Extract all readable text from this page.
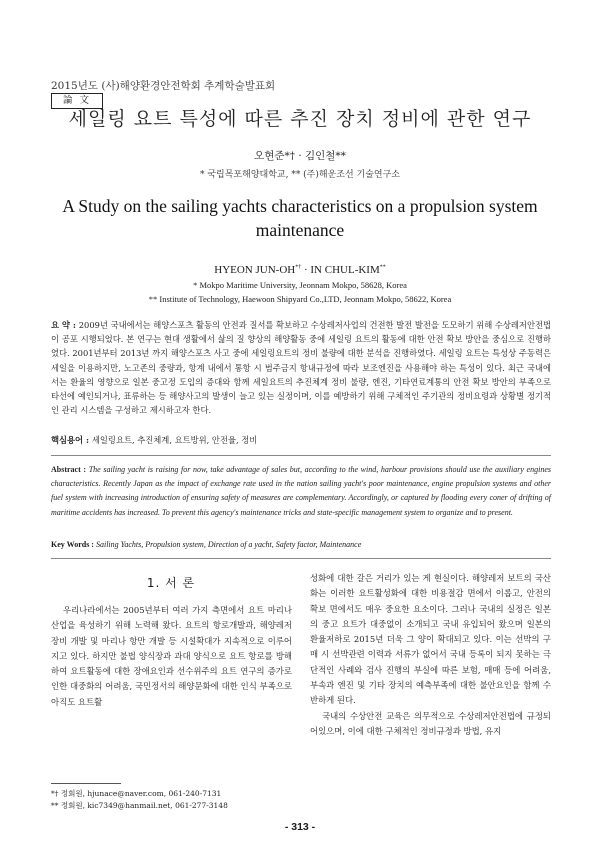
2015년도 (사)해양환경안전학회 추계학술발표회
論 文
세일링 요트 특성에 따른 추진 장치 정비에 관한 연구
오현준*† · 김인철**
* 국립목포해양대학교, ** (주)해운조선 기술연구소
A Study on the sailing yachts characteristics on a propulsion system maintenance
HYEON JUN-OH*† · IN CHUL-KIM**
* Mokpo Maritime University, Jeonnam Mokpo, 58628, Korea
** Institute of Technology, Haewoon Shipyard Co.,LTD, Jeonnam Mokpo, 58622, Korea
요 약 : 2009년 국내에서는 해양스포츠 활동의 안전과 질서를 확보하고 수상레저사업의 건전한 발전 발전을 도모하기 위해 수상레저안전법이 공포 시행되었다. 본 연구는 현대 생활에서 삶의 질 향상의 해양활동 중에 세일링 요트의 활동에 대한 안전 확보 방안을 중심으로 진행하였다. 2001년부터 2013년 까지 해양스포츠 사고 중에 세일링요트의 정비 불량에 대한 분석을 진행하였다. 세일링 요트는 특성상 주동력은 세일을 이용하지만, 노고존의 중량과, 항계 내에서 통항 시 범주금지 항내규정에 따라 보조엔진을 사용해야 하는 특성이 있다. 최근 국내에서는 환율의 영향으로 일본 중고정 도입의 증대와 함께 세일요트의 추진체계 정비 불량, 엔진, 기타연료계통의 안전 확보 방안의 부족으로 타선에 예인되거나, 표류하는 등 해양사고의 발생이 늘고 있는 실정이며, 이를 예방하기 위해 구체적인 주기관의 정비요령과 상황별 정기적인 관리 시스템을 구성하고 제시하고자 한다.
핵심용어 : 세일링요트, 추진체계, 요트방위, 안전율, 정비
Abstract : The sailing yacht is raising for now, take advantage of sales but, according to the wind, harbour provisions should use the auxiliary engines characteristics. Recently Japan as the impact of exchange rate used in the nation sailing yacht's poor maintenance, engine propulsion systems and other fuel system with increasing introduction of ensuring safety of measures are complementary. Accordingly, or captured by flooding every coner of drifting of maritime accidents has increased. To prevent this agency's maintenance tricks and state-specific management system to organize and to present.
Key Words : Sailing Yachts, Propulsion system, Direction of a yacht, Safety factor, Maintenance
1. 서 론

우리나라에서는 2005년부터 여러 가지 측면에서 요트 마리나 산업을 육성하기 위해 노력해 왔다. 요트의 항로개발과, 해양레저 장비 개발 및 마리나 항만 개발 등 시설확대가 지속적으로 이루어지고 있다. 하지만 불법 양식장과 과대 양식으로 요트 항로를 방해하여 요트활동에 대한 장애요인과 선수위주의 요트 연구의 증가로 인한 대중화의 어려움, 국민정서의 해양문화에 대한 인식 부족으로 아직도 요트활

성화에 대한 갈은 거리가 있는 게 현실이다. 해양레저 보트의 국산화는 이러한 요트활성화에 대한 비용절감 면에서 이롭고, 안전의 확보 면에서도 매우 중요한 요소이다. 그러나 국내의 실정은 일본의 중고 요트가 대중없이 소개되고 국내 유입되어 왔으며 일본의 환율저하로 2015년 더욱 그 양이 확대되고 있다. 이는 선박의 구매 시 선박관련 이력과 서류가 없어서 국내 등록이 되지 못하는 극단적인 사례와 검사 진행의 부실에 따른 보험, 매매 등에 어려움, 부속과 엔진 및 기타 장치의 예측부족에 대한 불안요인을 함께 수반하게 된다.

국내의 수상안전 교육은 의무적으로 수상레저안전법에 규정되어있으며, 이에 대한 구체적인 정비규정과 방법, 유지

*† 정회원, hjunace@naver.com, 061-240-7131
** 정회원, kic7349@hanmail.net, 061-277-3148
- 313 -
